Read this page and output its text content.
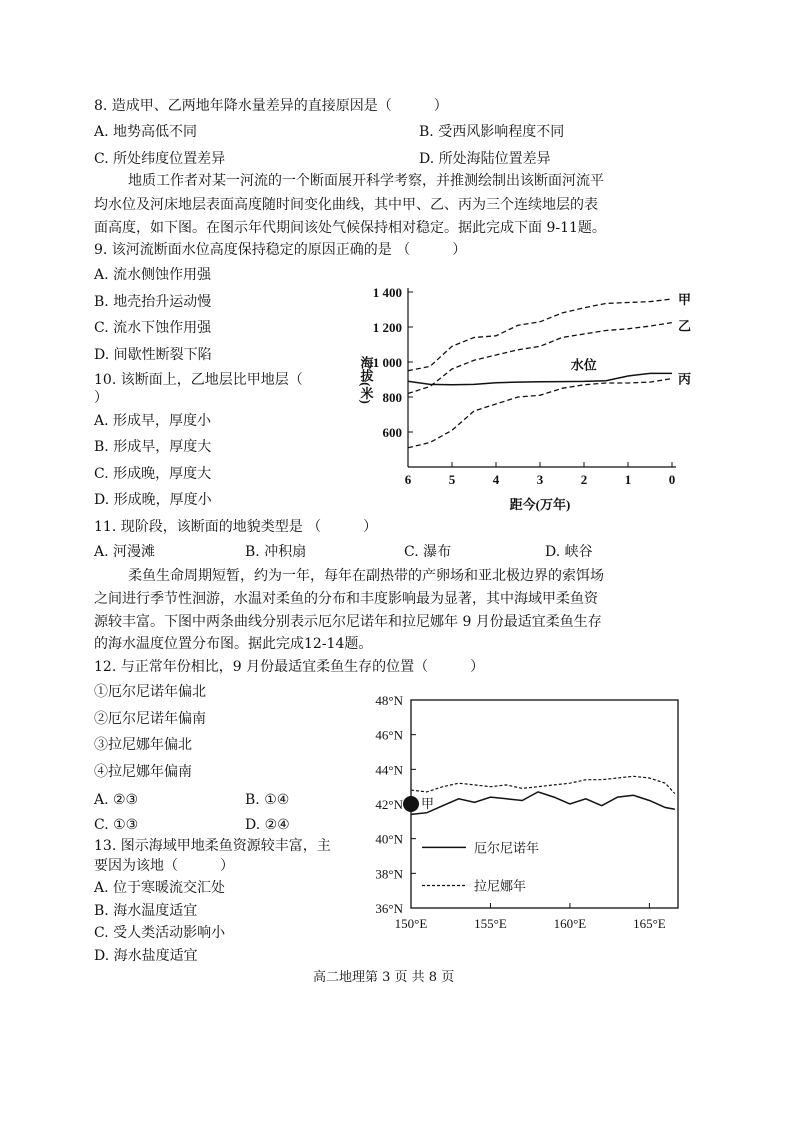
8. 造成甲、乙两地年降水量差异的直接原因是（　　　）
A. 地势高低不同	B. 受西风影响程度不同
C. 所处纬度位置差异	D. 所处海陆位置差异
地质工作者对某一河流的一个断面展开科学考察，并推测绘制出该断面河流平
均水位及河床地层表面高度随时间变化曲线，其中甲、乙、丙为三个连续地层的表
面高度，如下图。在图示年代期间该处气候保持相对稳定。据此完成下面 9-11题。
9. 该河流断面水位高度保持稳定的原因正确的是 （　　　）
A. 流水侧蚀作用强
B. 地壳抬升运动慢
C. 流水下蚀作用强
D. 间歇性断裂下陷
10. 该断面上，乙地层比甲地层（
）
A. 形成早，厚度小
B. 形成早，厚度大
C. 形成晚，厚度大
D. 形成晚，厚度小
11. 现阶段，该断面的地貌类型是 （　　　）
A. 河漫滩	B. 冲积扇	C. 瀑布	D. 峡谷
柔鱼生命周期短暂，约为一年，每年在副热带的产卵场和亚北极边界的索饵场
之间进行季节性洄游，水温对柔鱼的分布和丰度影响最为显著，其中海域甲柔鱼资
源较丰富。下图中两条曲线分别表示厄尔尼诺年和拉尼娜年 9 月份最适宜柔鱼生存
的海水温度位置分布图。据此完成12-14题。
12. 与正常年份相比，9 月份最适宜柔鱼生存的位置（　　　）
①厄尔尼诺年偏北
②厄尔尼诺年偏南
③拉尼娜年偏北
④拉尼娜年偏南
A. ②③	B. ①④
C. ①③	D. ②④
13. 图示海域甲地柔鱼资源较丰富，主
要因为该地（　　　）
A. 位于寒暖流交汇处
B. 海水温度适宜
C. 受人类活动影响小
D. 海水盐度适宜
高二地理第 3 页 共 8 页
1 400
1 200
1 000
800
600
6	5	4	3	2	1	0
距今(万年)
海拔(米)
甲
乙
丙
水位
48°N
46°N
44°N
42°N
40°N
38°N
36°N
150°E	155°E	160°E	165°E
甲
厄尔尼诺年
拉尼娜年
